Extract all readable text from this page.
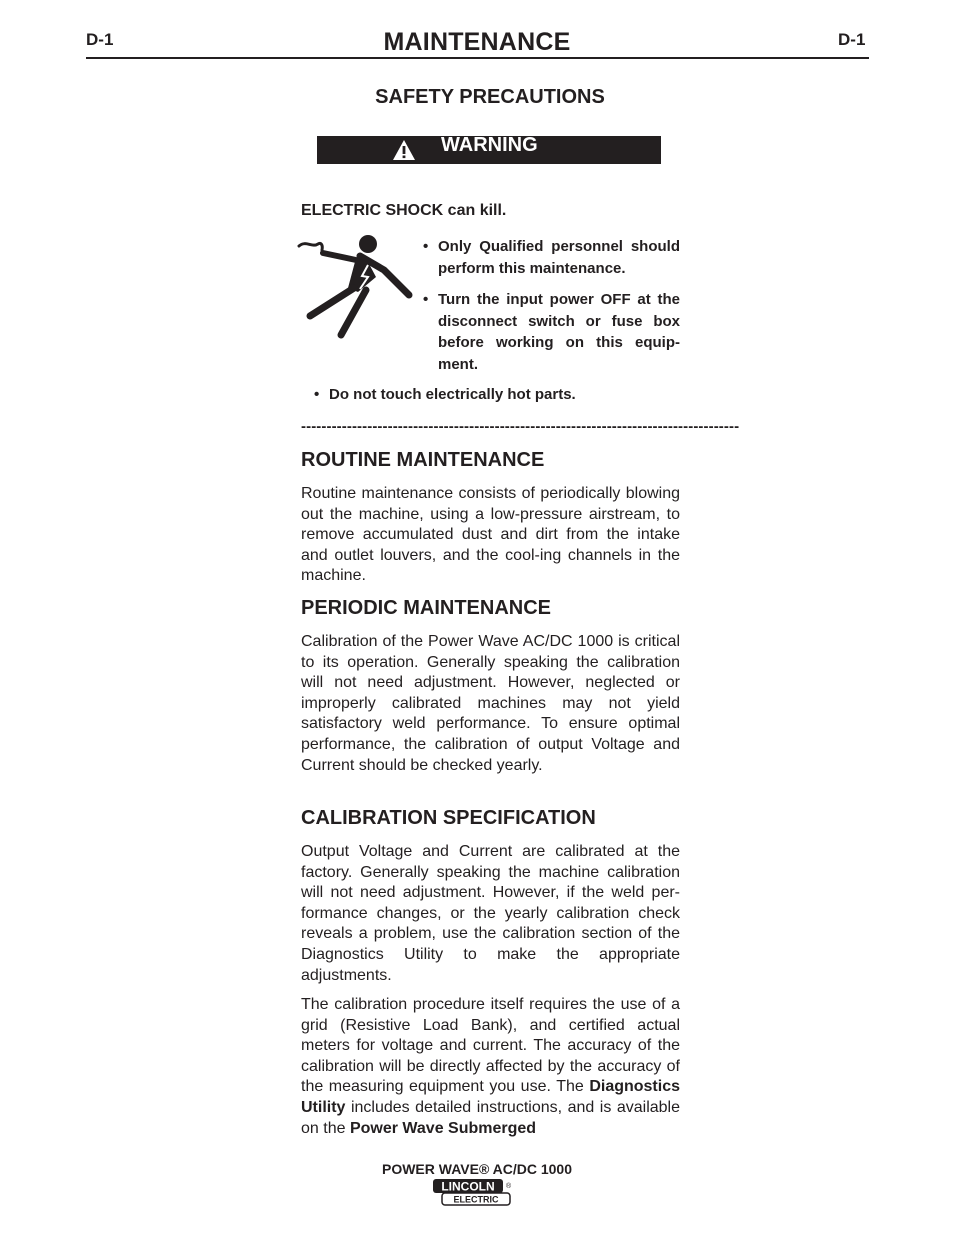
D-1	MAINTENANCE	D-1
SAFETY PRECAUTIONS
WARNING
ELECTRIC SHOCK can kill.
• Only Qualified personnel should perform this maintenance.
• Turn the input power OFF at the disconnect switch or fuse box before working on this equip-ment.
• Do not touch electrically hot parts.
--------------------------------------------------------------------------------------
ROUTINE MAINTENANCE

Routine maintenance consists of periodically blowing out the machine, using a low-pressure airstream, to remove accumulated dust and dirt from the intake and outlet louvers, and the cool-ing channels in the machine.

PERIODIC MAINTENANCE

Calibration of the Power Wave AC/DC 1000 is critical to its operation. Generally speaking the calibration will not need adjustment. However, neglected or improperly calibrated machines may not yield satisfactory weld performance. To ensure optimal performance, the calibration of output Voltage and Current should be checked yearly.

CALIBRATION SPECIFICATION

Output Voltage and Current are calibrated at the factory. Generally speaking the machine calibration will not need adjustment. However, if the weld per-formance changes, or the yearly calibration check reveals a problem, use the calibration section of the Diagnostics Utility to make the appropriate adjustments.

The calibration procedure itself requires the use of a grid (Resistive Load Bank), and certified actual meters for voltage and current. The accuracy of the calibration will be directly affected by the accuracy of the measuring equipment you use. The Diagnostics Utility includes detailed instructions, and is available on the Power Wave Submerged

POWER WAVE® AC/DC 1000
LINCOLN ®
ELECTRIC
